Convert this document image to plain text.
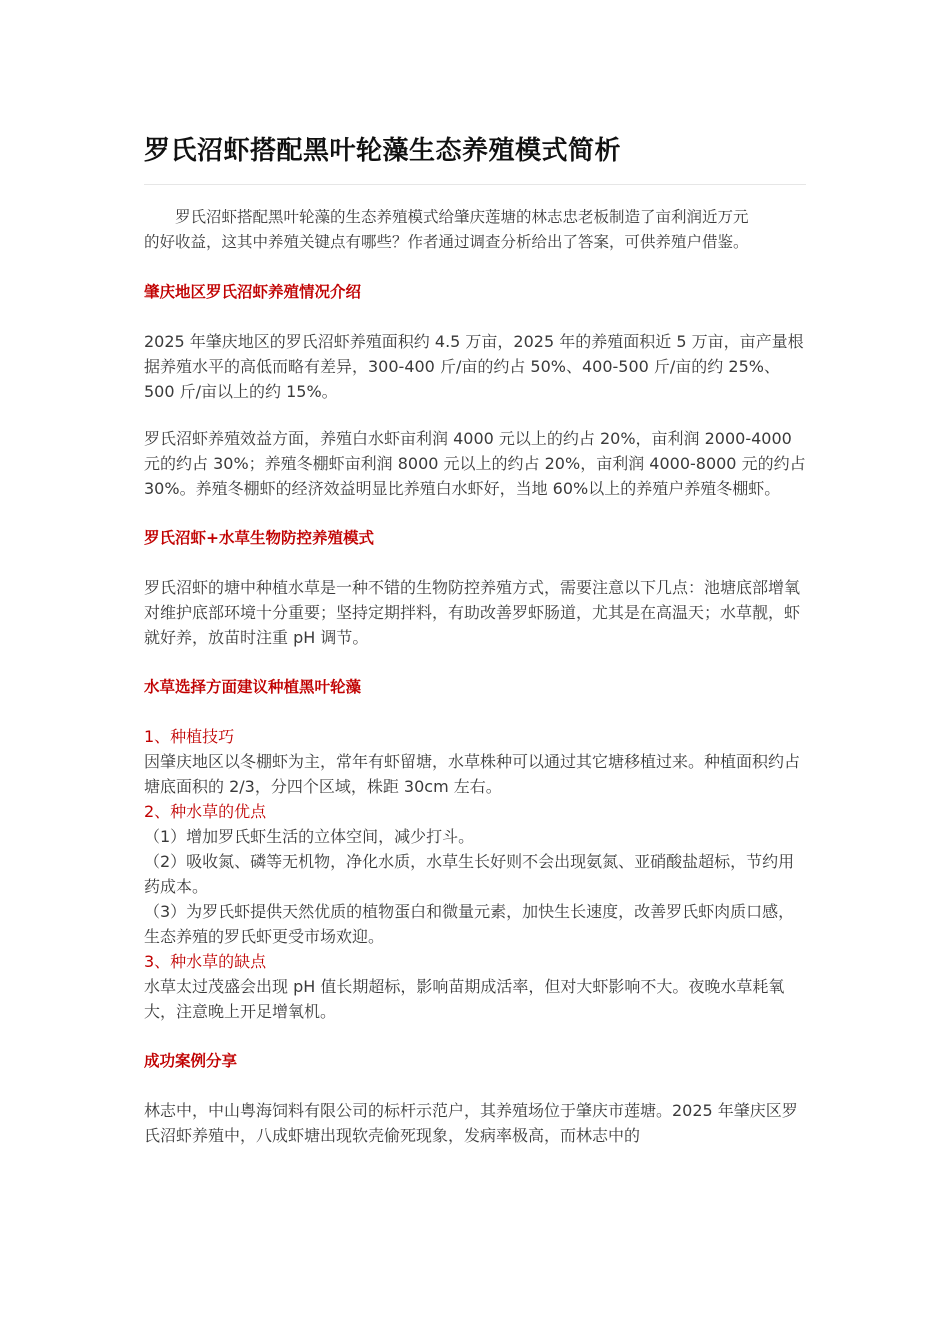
罗氏沼虾搭配黑叶轮藻生态养殖模式简析

　　罗氏沼虾搭配黑叶轮藻的生态养殖模式给肇庆莲塘的林志忠老板制造了亩利润近万元的好收益，这其中养殖关键点有哪些？作者通过调查分析给出了答案，可供养殖户借鉴。

肇庆地区罗氏沼虾养殖情况介绍

2025 年肇庆地区的罗氏沼虾养殖面积约 4.5 万亩，2025 年的养殖面积近 5 万亩，亩产量根据养殖水平的高低而略有差异，300-400 斤/亩的约占 50%、400-500 斤/亩的约 25%、500 斤/亩以上的约 15%。

罗氏沼虾养殖效益方面，养殖白水虾亩利润 4000 元以上的约占 20%，亩利润 2000-4000 元的约占 30%；养殖冬棚虾亩利润 8000 元以上的约占 20%，亩利润 4000-8000 元的约占 30%。养殖冬棚虾的经济效益明显比养殖白水虾好，当地 60%以上的养殖户养殖冬棚虾。

罗氏沼虾+水草生物防控养殖模式

罗氏沼虾的塘中种植水草是一种不错的生物防控养殖方式，需要注意以下几点：池塘底部增氧对维护底部环境十分重要；坚持定期拌料，有助改善罗虾肠道，尤其是在高温天；水草靓，虾就好养，放苗时注重 pH 调节。

水草选择方面建议种植黑叶轮藻

1、种植技巧

因肇庆地区以冬棚虾为主，常年有虾留塘，水草株种可以通过其它塘移植过来。种植面积约占塘底面积的 2/3，分四个区域，株距 30cm 左右。

2、种水草的优点

（1）增加罗氏虾生活的立体空间，减少打斗。

（2）吸收氮、磷等无机物，净化水质，水草生长好则不会出现氨氮、亚硝酸盐超标，节约用药成本。

（3）为罗氏虾提供天然优质的植物蛋白和微量元素，加快生长速度，改善罗氏虾肉质口感，生态养殖的罗氏虾更受市场欢迎。

3、种水草的缺点

水草太过茂盛会出现 pH 值长期超标，影响苗期成活率，但对大虾影响不大。夜晚水草耗氧大，注意晚上开足增氧机。

成功案例分享

林志中，中山粤海饲料有限公司的标杆示范户，其养殖场位于肇庆市莲塘。2025 年肇庆区罗氏沼虾养殖中，八成虾塘出现软壳偷死现象，发病率极高，而林志中的
